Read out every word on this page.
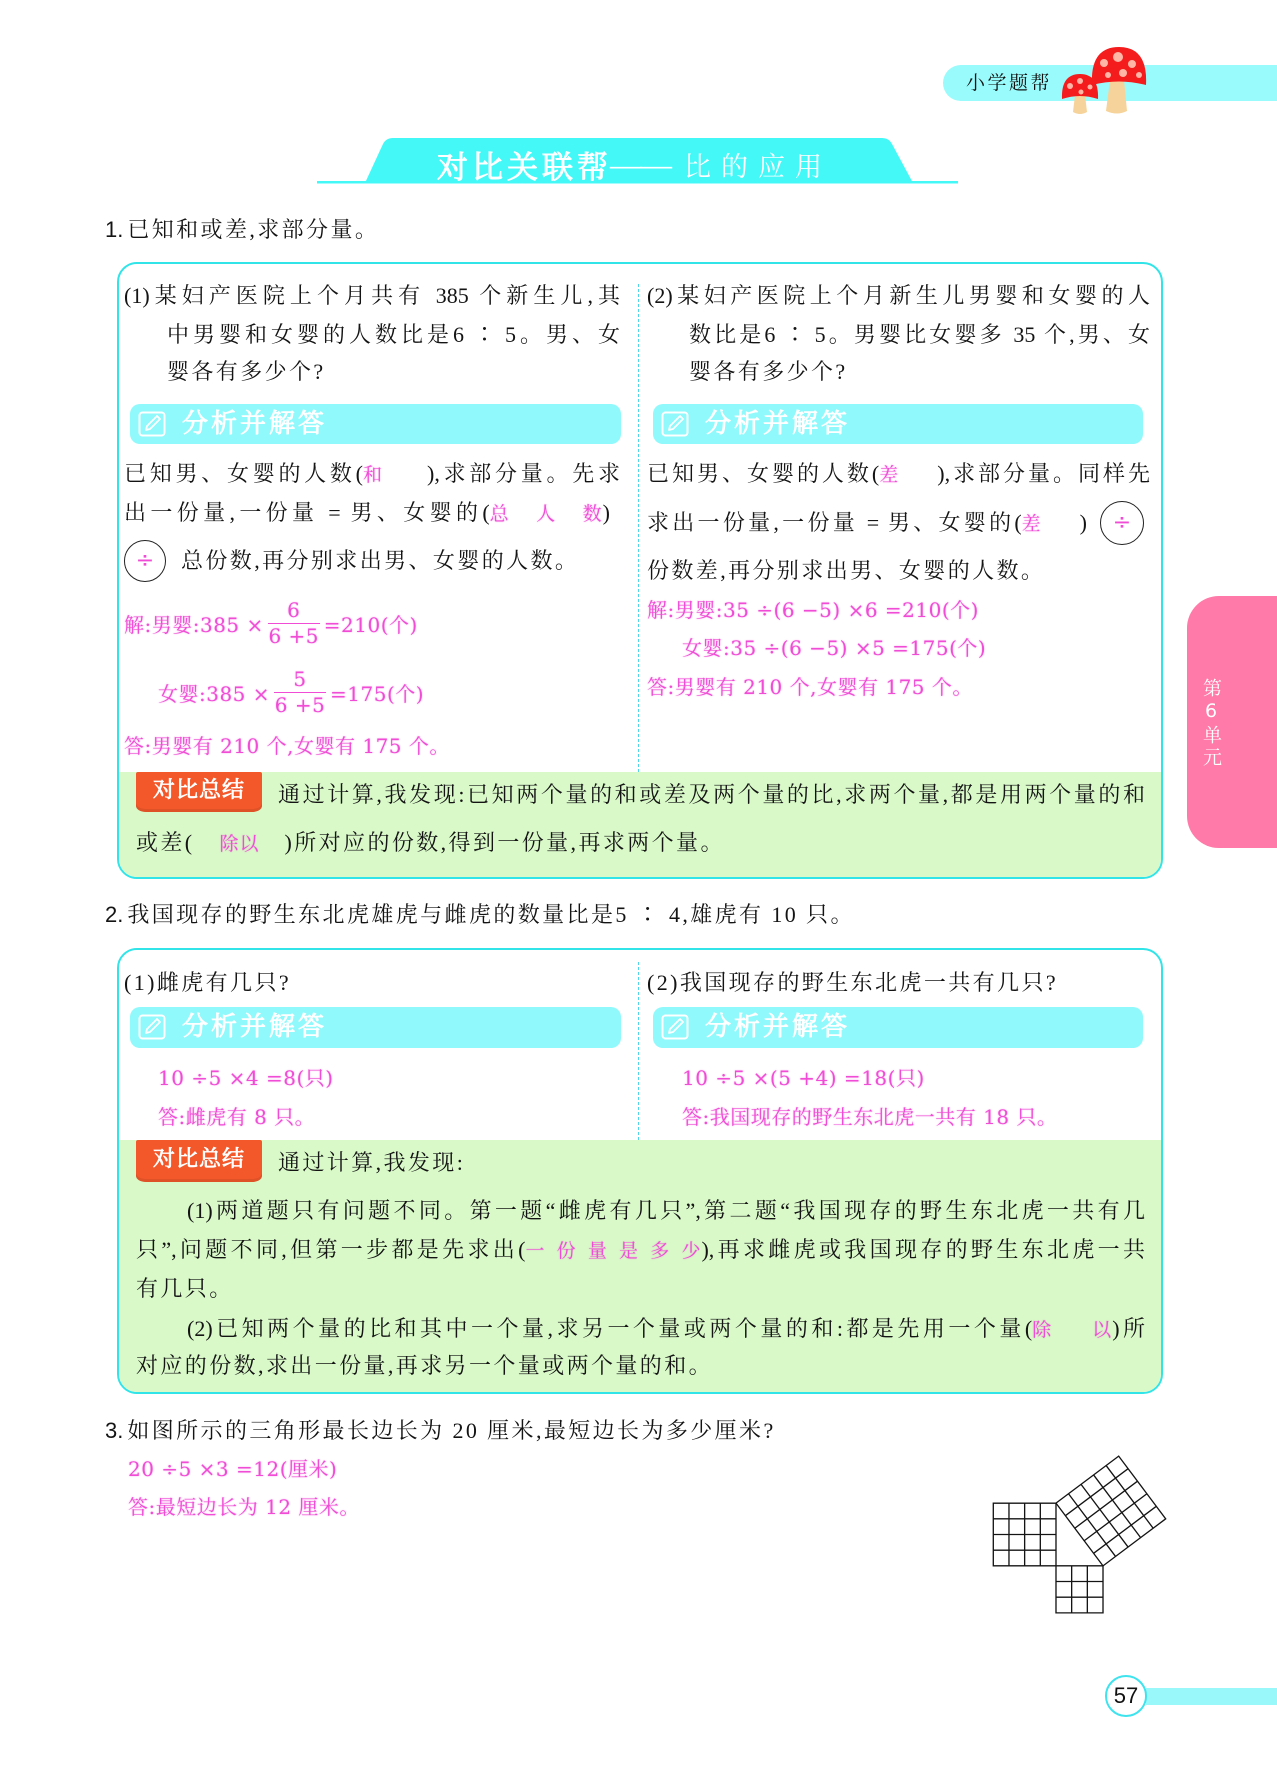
小学题帮
对比关联帮
—— 比的应用
第6单元
1. 已知和或差,求部分量。
(1)某妇产医院上个月共有 385 个新生儿,其
中男婴和女婴的人数比是6 ∶ 5。男、女
婴各有多少个?
分析并解答
已知男、女婴的人数(和 ),求部分量。先求
出一份量,一份量 = 男、女婴的(总人数)
÷	总份数,再分别求出男、女婴的人数。
解:男婴:385 × $\frac{6}{6 +5} =210$(个)
女婴:385 × $\frac{5}{6 +5} =175$(个)
答:男婴有 210 个,女婴有 175 个。
(2)某妇产医院上个月新生儿男婴和女婴的人
数比是6 ∶ 5。男婴比女婴多 35 个,男、女
婴各有多少个?
分析并解答
已知男、女婴的人数(差 ),求部分量。同样先
求出一份量,一份量 = 男、女婴的(差 )	÷
份数差,再分别求出男、女婴的人数。
解:男婴:35 ÷(6 −5) ×6 =210(个)
女婴:35 ÷(6 −5) ×5 =175(个)
答:男婴有 210 个,女婴有 175 个。
对比总结	通过计算,我发现:已知两个量的和或差及两个量的比,求两个量,都是用两个量的和
或差( 除以 )所对应的份数,得到一份量,再求两个量。
2. 我国现存的野生东北虎雄虎与雌虎的数量比是5 ∶ 4,雄虎有 10 只。
(1)雌虎有几只?
分析并解答
10 ÷5 ×4 =8(只)
答:雌虎有 8 只。
(2)我国现存的野生东北虎一共有几只?
分析并解答
10 ÷5 ×(5 +4) =18(只)
答:我国现存的野生东北虎一共有 18 只。
对比总结	通过计算,我发现:
(1)两道题只有问题不同。第一题“雌虎有几只”,第二题“我国现存的野生东北虎一共有几
只”,问题不同,但第一步都是先求出(一份量是多少),再求雌虎或我国现存的野生东北虎一共
有几只。
(2)已知两个量的比和其中一个量,求另一个量或两个量的和:都是先用一个量(除以)所
对应的份数,求出一份量,再求另一个量或两个量的和。
3. 如图所示的三角形最长边长为 20 厘米,最短边长为多少厘米?
20 ÷5 ×3 =12(厘米)
答:最短边长为 12 厘米。
57
